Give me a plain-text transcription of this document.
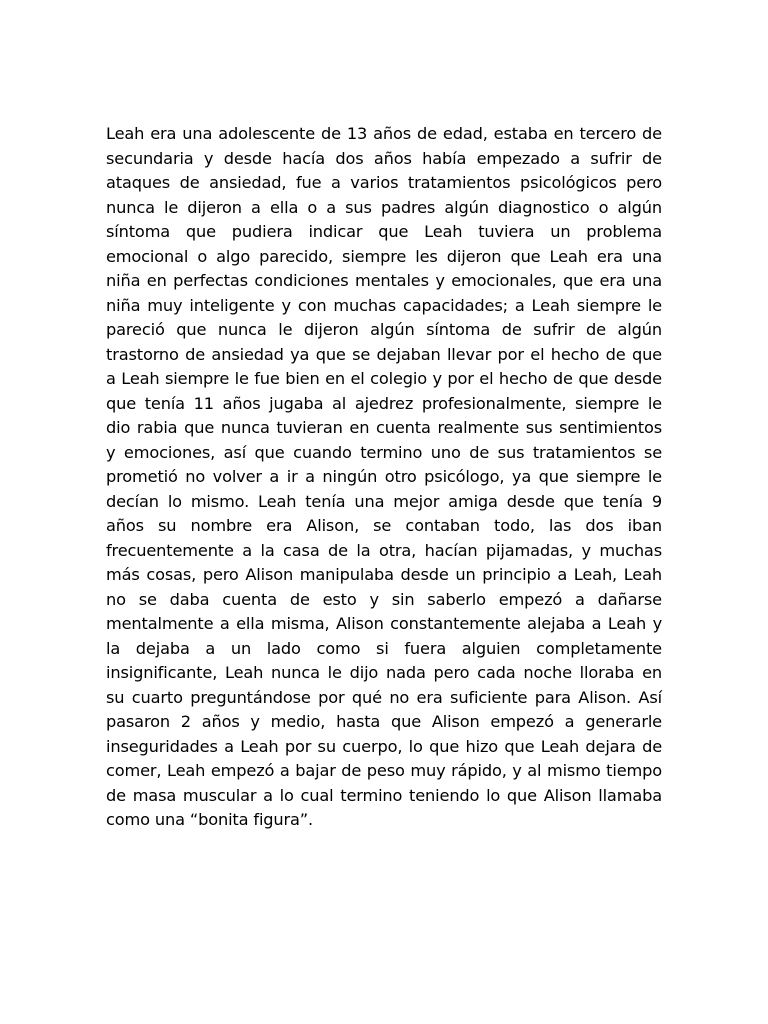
Leah era una adolescente de 13 años de edad, estaba en tercero de
secundaria y desde hacía dos años había empezado a sufrir de
ataques de ansiedad, fue a varios tratamientos psicológicos pero
nunca le dijeron a ella o a sus padres algún diagnostico o algún
síntoma que pudiera indicar que Leah tuviera un problema
emocional o algo parecido, siempre les dijeron que Leah era una
niña en perfectas condiciones mentales y emocionales, que era una
niña muy inteligente y con muchas capacidades; a Leah siempre le
pareció que nunca le dijeron algún síntoma de sufrir de algún
trastorno de ansiedad ya que se dejaban llevar por el hecho de que
a Leah siempre le fue bien en el colegio y por el hecho de que desde
que tenía 11 años jugaba al ajedrez profesionalmente, siempre le
dio rabia que nunca tuvieran en cuenta realmente sus sentimientos
y emociones, así que cuando termino uno de sus tratamientos se
prometió no volver a ir a ningún otro psicólogo, ya que siempre le
decían lo mismo. Leah tenía una mejor amiga desde que tenía 9
años su nombre era Alison, se contaban todo, las dos iban
frecuentemente a la casa de la otra, hacían pijamadas, y muchas
más cosas, pero Alison manipulaba desde un principio a Leah, Leah
no se daba cuenta de esto y sin saberlo empezó a dañarse
mentalmente a ella misma, Alison constantemente alejaba a Leah y
la dejaba a un lado como si fuera alguien completamente
insignificante, Leah nunca le dijo nada pero cada noche lloraba en
su cuarto preguntándose por qué no era suficiente para Alison. Así
pasaron 2 años y medio, hasta que Alison empezó a generarle
inseguridades a Leah por su cuerpo, lo que hizo que Leah dejara de
comer, Leah empezó a bajar de peso muy rápido, y al mismo tiempo
de masa muscular a lo cual termino teniendo lo que Alison llamaba
como una “bonita figura”.
